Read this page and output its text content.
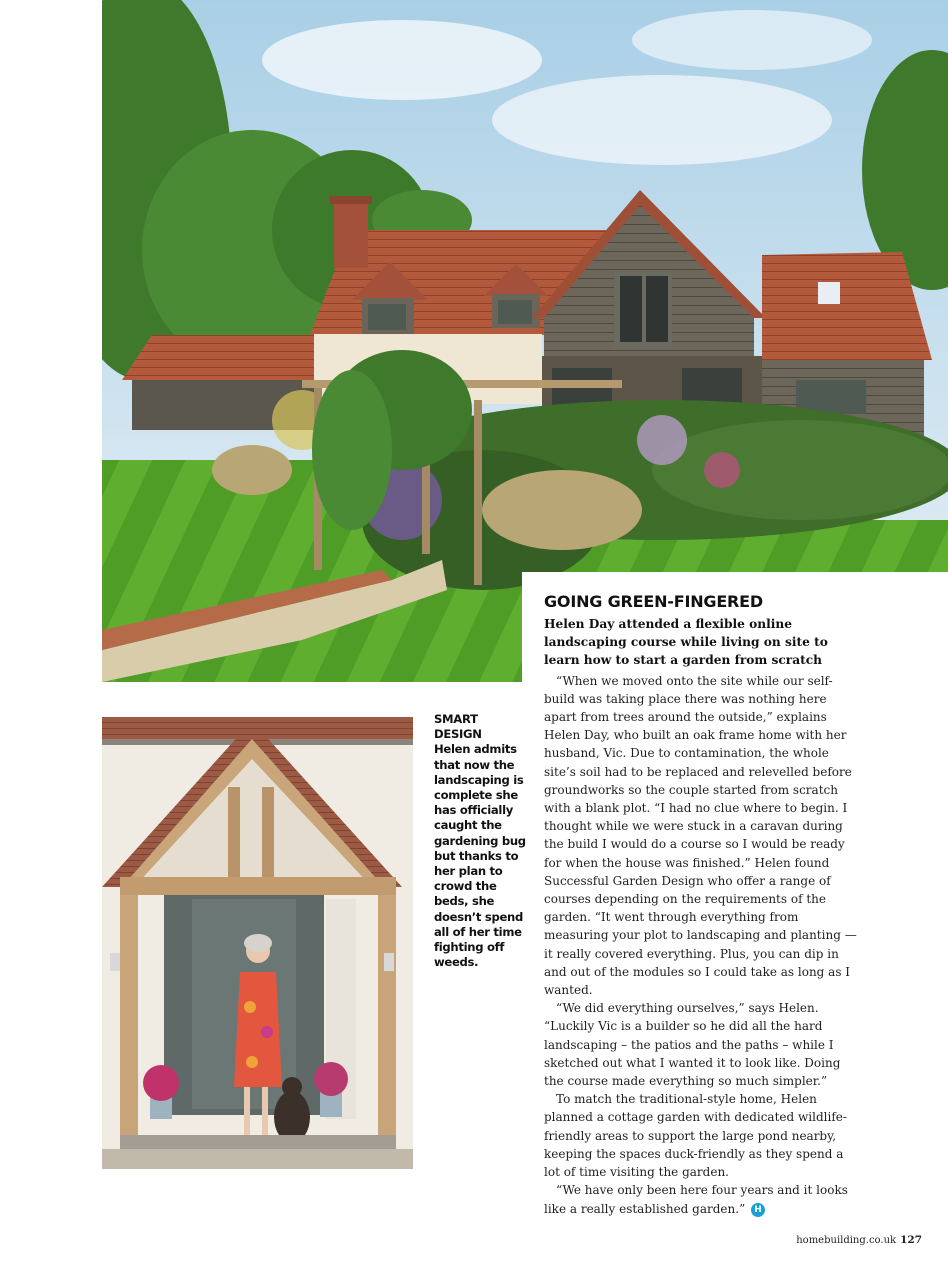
GOING GREEN-FINGERED

Helen Day attended a flexible online landscaping course while living on site to learn how to start a garden from scratch

“When we moved onto the site while our self-build was taking place there was nothing here apart from trees around the outside,” explains Helen Day, who built an oak frame home with her husband, Vic. Due to contamination, the whole site’s soil had to be replaced and relevelled before groundworks so the couple started from scratch with a blank plot. “I had no clue where to begin. I thought while we were stuck in a caravan during the build I would do a course so I would be ready for when the house was finished.” Helen found Successful Garden Design who offer a range of courses depending on the requirements of the garden. “It went through everything from measuring your plot to landscaping and planting — it really covered everything. Plus, you can dip in and out of the modules so I could take as long as I wanted.

“We did everything ourselves,” says Helen. “Luckily Vic is a builder so he did all the hard landscaping – the patios and the paths – while I sketched out what I wanted it to look like. Doing the course made everything so much simpler.”

To match the traditional-style home, Helen planned a cottage garden with dedicated wildlife-friendly areas to support the large pond nearby, keeping the spaces duck-friendly as they spend a lot of time visiting the garden.

“We have only been here four years and it looks like a really established garden.” H

SMART DESIGN
Helen admits that now the landscaping is complete she has officially caught the gardening bug but thanks to her plan to crowd the beds, she doesn’t spend all of her time fighting off weeds.
homebuilding.co.uk 127
